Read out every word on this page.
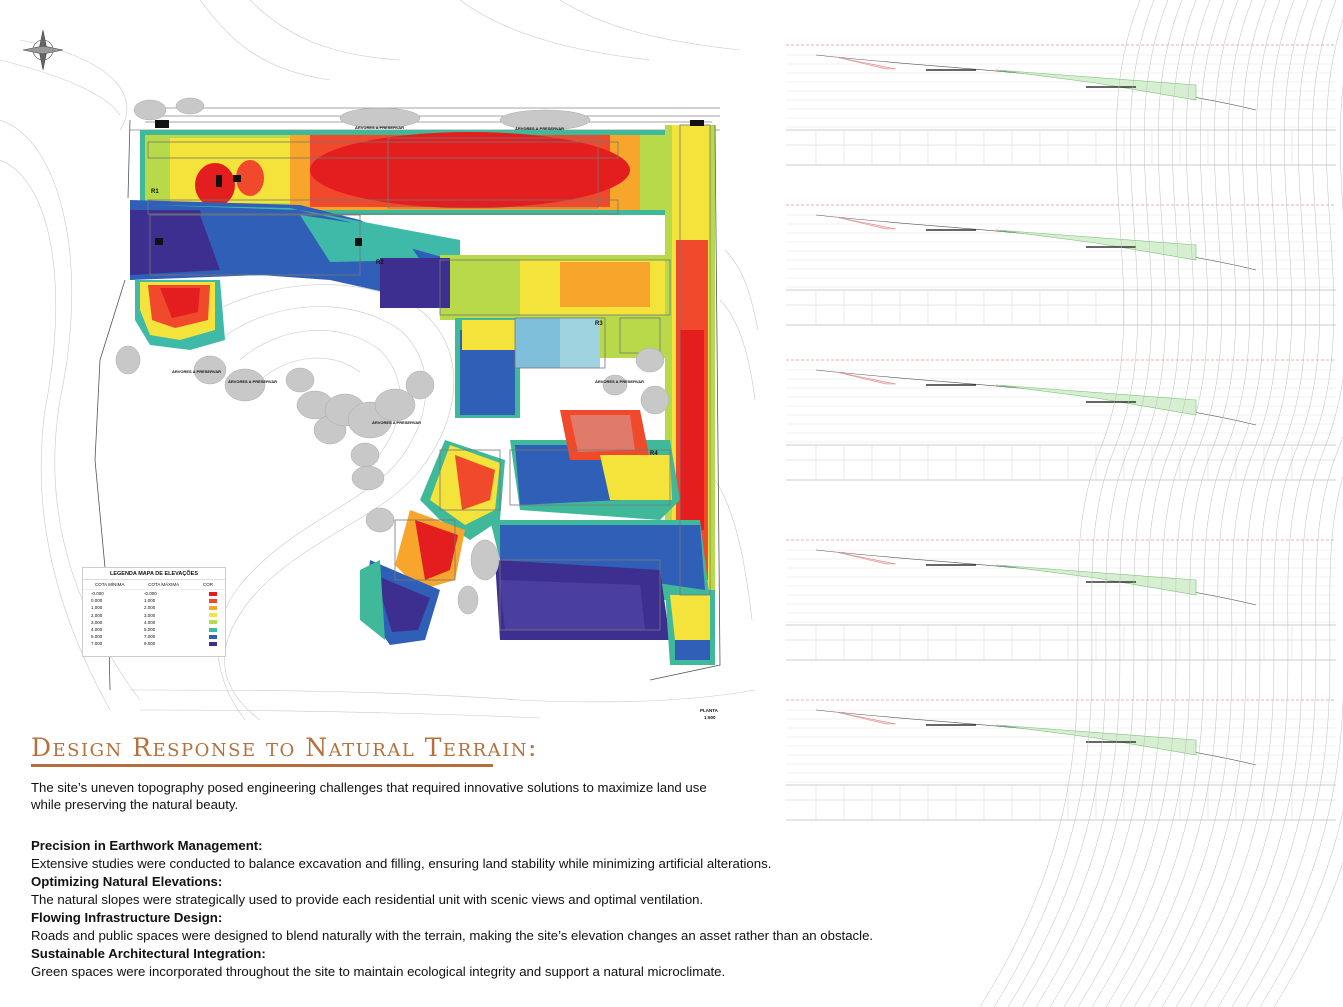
R1
R2
R3
R4
ÁRVORES A PRESERVAR	ÁRVORES A PRESERVAR
ÁRVORES A PRESERVAR
ÁRVORES A PRESERVAR
ÁRVORES A PRESERVAR
ÁRVORES A PRESERVAR
PLANTA
1:500
LEGENDA MAPA DE ELEVAÇÕES
COTA MÍNIMA	COTA MÁXIMA	COR
-0.000	-0.000
0.000	1.000
1.000	2.000
2.000	3.000
3.000	4.000
4.000	5.000
5.000	7.000
7.000	9.000
Design Response to Natural Terrain:
The site’s uneven topography posed engineering challenges that required innovative solutions to maximize land use while preserving the natural beauty.
Precision in Earthwork Management:
Extensive studies were conducted to balance excavation and filling, ensuring land stability while minimizing artificial alterations.
Optimizing Natural Elevations:
The natural slopes were strategically used to provide each residential unit with scenic views and optimal ventilation.
Flowing Infrastructure Design:
Roads and public spaces were designed to blend naturally with the terrain, making the site’s elevation changes an asset rather than an obstacle.
Sustainable Architectural Integration:
Green spaces were incorporated throughout the site to maintain ecological integrity and support a natural microclimate.
